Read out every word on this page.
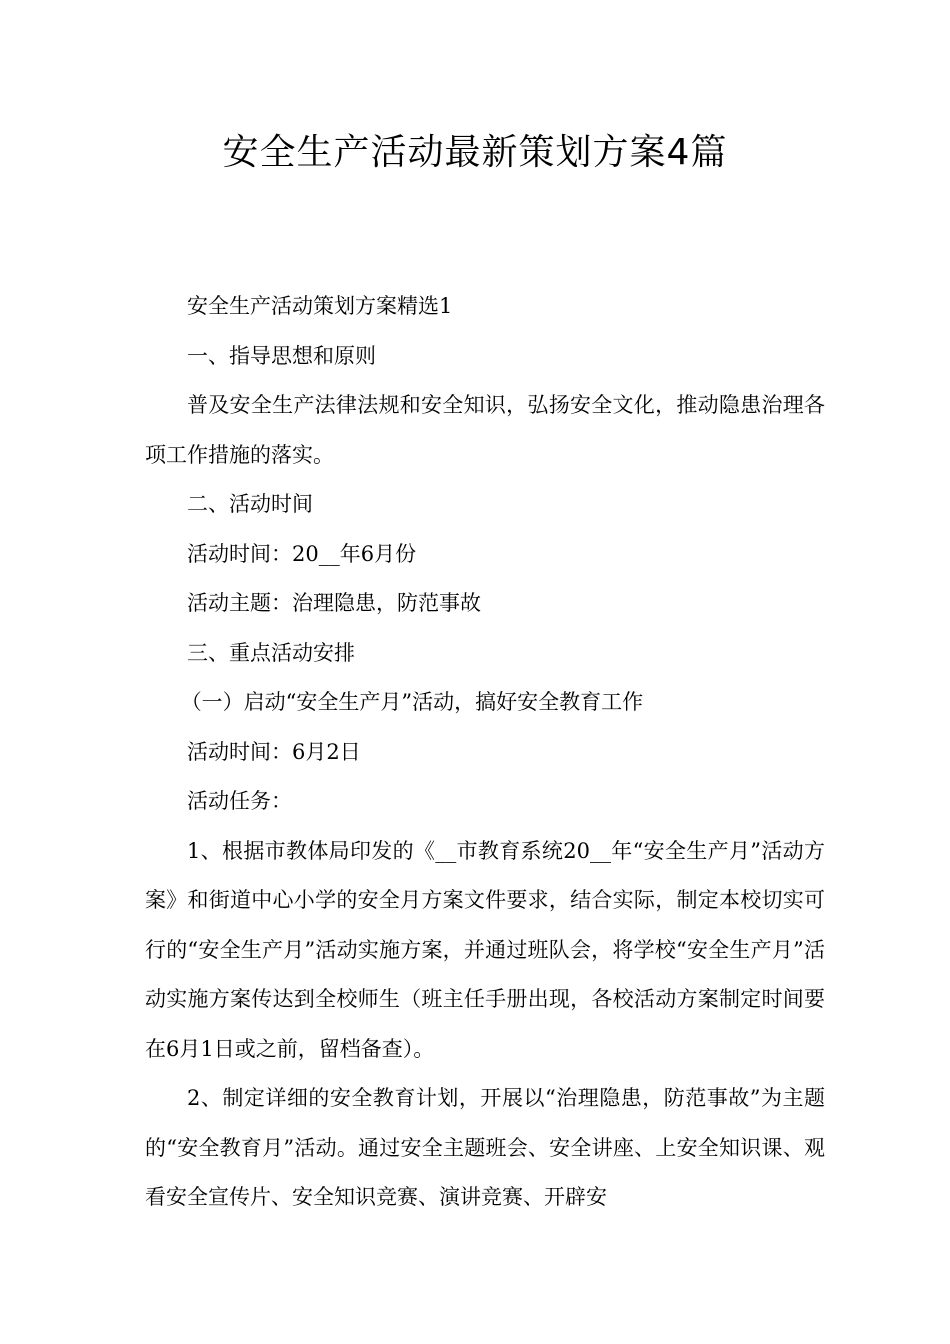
安全生产活动最新策划方案4篇

安全生产活动策划方案精选1

一、指导思想和原则

普及安全生产法律法规和安全知识，弘扬安全文化，推动隐患治理各项工作措施的落实。

二、活动时间

活动时间：20__年6月份

活动主题：治理隐患，防范事故

三、重点活动安排

（一）启动“安全生产月”活动，搞好安全教育工作

活动时间：6月2日

活动任务：

1、根据市教体局印发的《__市教育系统20__年“安全生产月”活动方案》和街道中心小学的安全月方案文件要求，结合实际，制定本校切实可行的“安全生产月”活动实施方案，并通过班队会，将学校“安全生产月”活动实施方案传达到全校师生（班主任手册出现，各校活动方案制定时间要在6月1日或之前，留档备查）。

2、制定详细的安全教育计划，开展以“治理隐患，防范事故”为主题的“安全教育月”活动。通过安全主题班会、安全讲座、上安全知识课、观看安全宣传片、安全知识竞赛、演讲竞赛、开辟安
